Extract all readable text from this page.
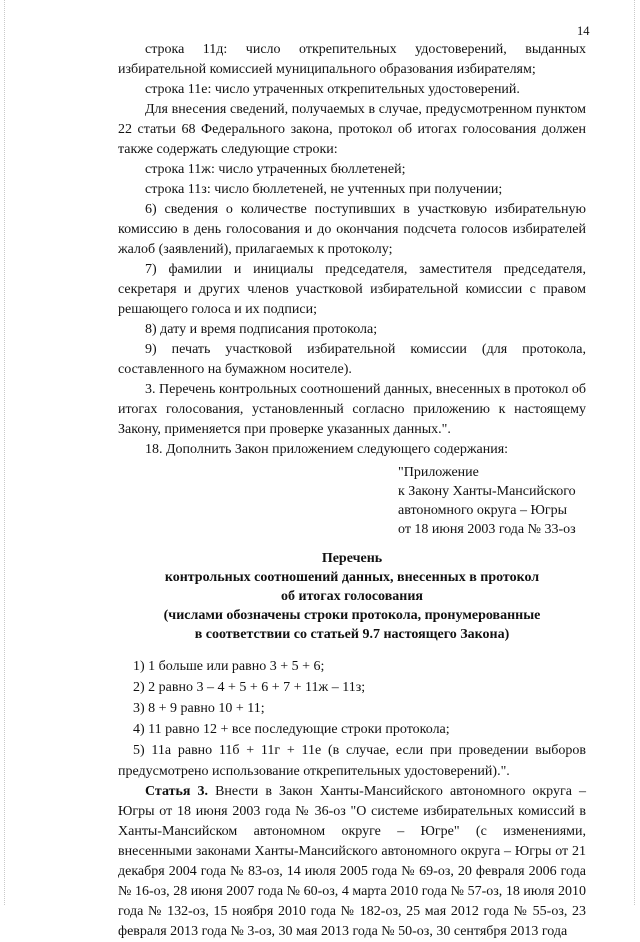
14

строка 11д: число открепительных удостоверений, выданных избирательной комиссией муниципального образования избирателям;

строка 11е: число утраченных открепительных удостоверений.

Для внесения сведений, получаемых в случае, предусмотренном пунктом 22 статьи 68 Федерального закона, протокол об итогах голосования должен также содержать следующие строки:

строка 11ж: число утраченных бюллетеней;

строка 11з: число бюллетеней, не учтенных при получении;

6) сведения о количестве поступивших в участковую избирательную комиссию в день голосования и до окончания подсчета голосов избирателей жалоб (заявлений), прилагаемых к протоколу;

7) фамилии и инициалы председателя, заместителя председателя, секретаря и других членов участковой избирательной комиссии с правом решающего голоса и их подписи;

8) дату и время подписания протокола;

9) печать участковой избирательной комиссии (для протокола, составленного на бумажном носителе).

3. Перечень контрольных соотношений данных, внесенных в протокол об итогах голосования, установленный согласно приложению к настоящему Закону, применяется при проверке указанных данных.".

18. Дополнить Закон приложением следующего содержания:

"Приложение
к Закону Ханты-Мансийского
автономного округа – Югры
от 18 июня 2003 года № 33-оз
Перечень
контрольных соотношений данных, внесенных в протокол
об итогах голосования
(числами обозначены строки протокола, пронумерованные
в соответствии со статьей 9.7 настоящего Закона)

1) 1 больше или равно 3 + 5 + 6;

2) 2 равно 3 – 4 + 5 + 6 + 7 + 11ж – 11з;

3) 8 + 9 равно 10 + 11;

4) 11 равно 12 + все последующие строки протокола;

5) 11а равно 11б + 11г + 11е (в случае, если при проведении выборов предусмотрено использование открепительных удостоверений).".

Статья 3. Внести в Закон Ханты-Мансийского автономного округа – Югры от 18 июня 2003 года № 36-оз "О системе избирательных комиссий в Ханты-Мансийском автономном округе – Югре" (с изменениями, внесенными законами Ханты-Мансийского автономного округа – Югры от 21 декабря 2004 года № 83-оз, 14 июля 2005 года № 69-оз, 20 февраля 2006 года № 16-оз, 28 июня 2007 года № 60-оз, 4 марта 2010 года № 57-оз, 18 июля 2010 года № 132-оз, 15 ноября 2010 года № 182-оз, 25 мая 2012 года № 55-оз, 23 февраля 2013 года № 3-оз, 30 мая 2013 года № 50-оз, 30 сентября 2013 года
